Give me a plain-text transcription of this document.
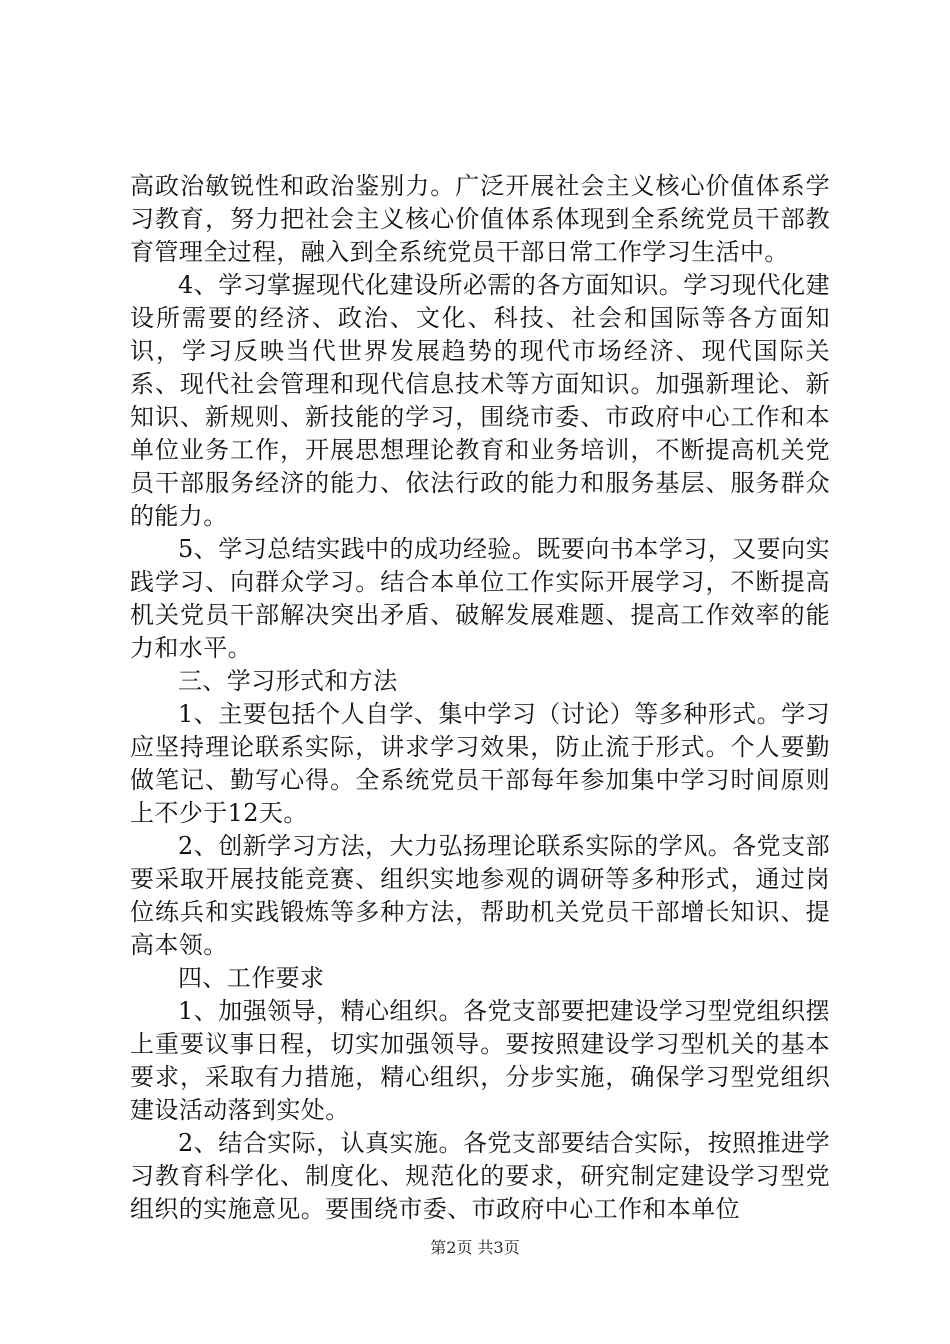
高政治敏锐性和政治鉴别力。广泛开展社会主义核心价值体系学习教育，努力把社会主义核心价值体系体现到全系统党员干部教育管理全过程，融入到全系统党员干部日常工作学习生活中。

4、学习掌握现代化建设所必需的各方面知识。学习现代化建设所需要的经济、政治、文化、科技、社会和国际等各方面知识，学习反映当代世界发展趋势的现代市场经济、现代国际关系、现代社会管理和现代信息技术等方面知识。加强新理论、新知识、新规则、新技能的学习，围绕市委、市政府中心工作和本单位业务工作，开展思想理论教育和业务培训，不断提高机关党员干部服务经济的能力、依法行政的能力和服务基层、服务群众的能力。

5、学习总结实践中的成功经验。既要向书本学习，又要向实践学习、向群众学习。结合本单位工作实际开展学习，不断提高机关党员干部解决突出矛盾、破解发展难题、提高工作效率的能力和水平。

三、学习形式和方法

1、主要包括个人自学、集中学习（讨论）等多种形式。学习应坚持理论联系实际，讲求学习效果，防止流于形式。个人要勤做笔记、勤写心得。全系统党员干部每年参加集中学习时间原则上不少于12天。

2、创新学习方法，大力弘扬理论联系实际的学风。各党支部要采取开展技能竞赛、组织实地参观的调研等多种形式，通过岗位练兵和实践锻炼等多种方法，帮助机关党员干部增长知识、提高本领。

四、工作要求

1、加强领导，精心组织。各党支部要把建设学习型党组织摆上重要议事日程，切实加强领导。要按照建设学习型机关的基本要求，采取有力措施，精心组织，分步实施，确保学习型党组织建设活动落到实处。

2、结合实际，认真实施。各党支部要结合实际，按照推进学习教育科学化、制度化、规范化的要求，研究制定建设学习型党组织的实施意见。要围绕市委、市政府中心工作和本单位

第2页 共3页
